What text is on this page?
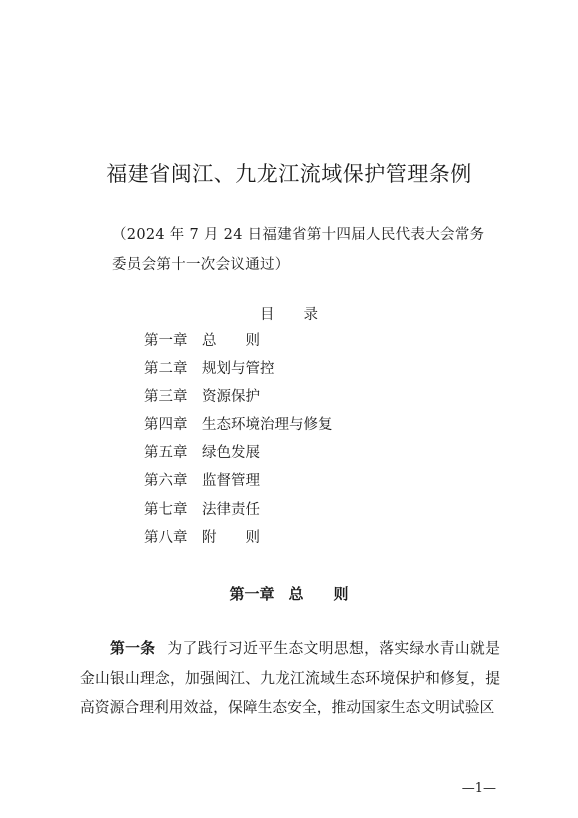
福建省闽江、九龙江流域保护管理条例

（2024 年 7 月 24 日福建省第十四届人民代表大会常务

委员会第十一次会议通过）

目　　录
第一章 总　　则
第二章 规划与管控
第三章 资源保护
第四章 生态环境治理与修复
第五章 绿色发展
第六章 监督管理
第七章 法律责任
第八章 附　　则
第一章 总　　则

第一条 为了践行习近平生态文明思想，落实绿水青山就是金山银山理念，加强闽江、九龙江流域生态环境保护和修复，提高资源合理利用效益，保障生态安全，推动国家生态文明试验区

—1—
